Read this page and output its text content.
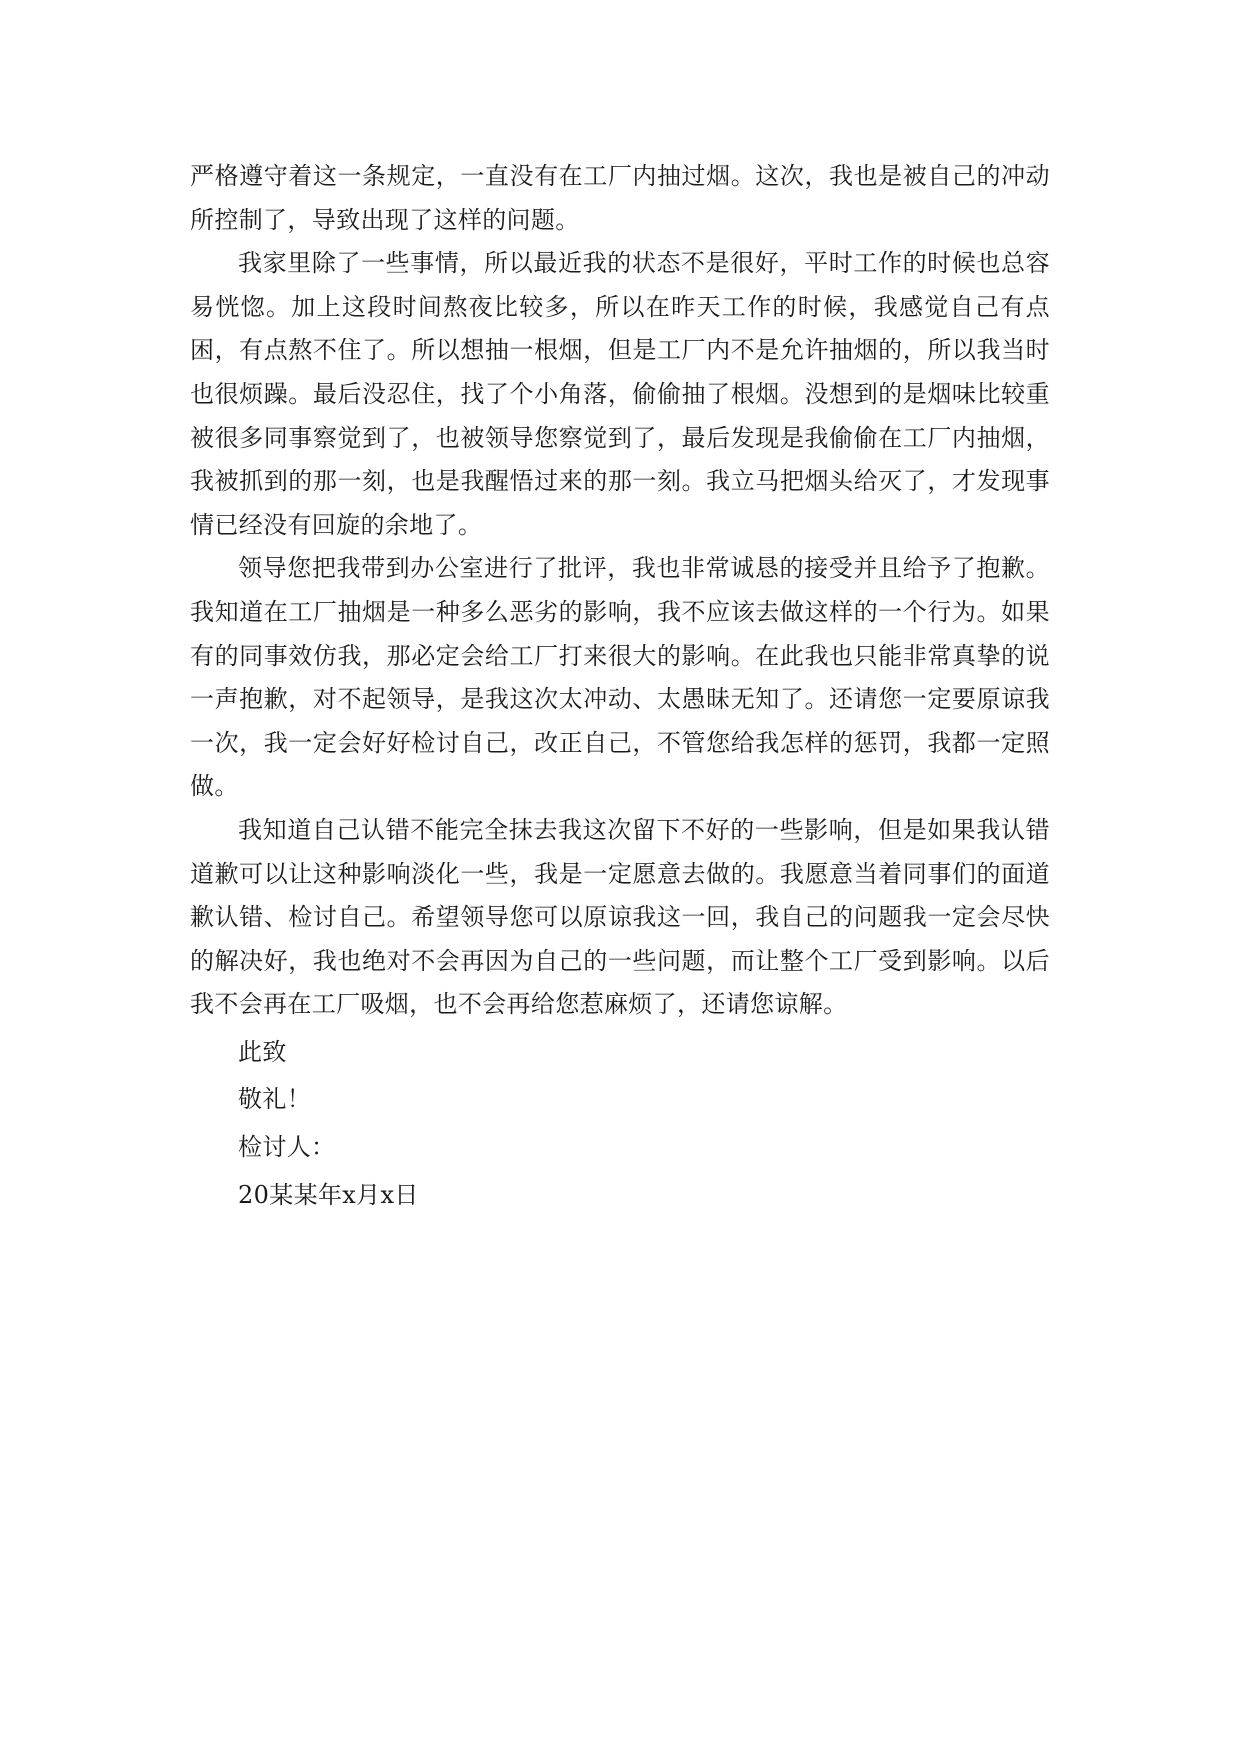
严格遵守着这一条规定，一直没有在工厂内抽过烟。这次，我也是被自己的冲动所控制了，导致出现了这样的问题。

我家里除了一些事情，所以最近我的状态不是很好，平时工作的时候也总容易恍惚。加上这段时间熬夜比较多，所以在昨天工作的时候，我感觉自己有点困，有点熬不住了。所以想抽一根烟，但是工厂内不是允许抽烟的，所以我当时也很烦躁。最后没忍住，找了个小角落，偷偷抽了根烟。没想到的是烟味比较重被很多同事察觉到了，也被领导您察觉到了，最后发现是我偷偷在工厂内抽烟，我被抓到的那一刻，也是我醒悟过来的那一刻。我立马把烟头给灭了，才发现事情已经没有回旋的余地了。

领导您把我带到办公室进行了批评，我也非常诚恳的接受并且给予了抱歉。我知道在工厂抽烟是一种多么恶劣的影响，我不应该去做这样的一个行为。如果有的同事效仿我，那必定会给工厂打来很大的影响。在此我也只能非常真挚的说一声抱歉，对不起领导，是我这次太冲动、太愚昧无知了。还请您一定要原谅我一次，我一定会好好检讨自己，改正自己，不管您给我怎样的惩罚，我都一定照做。

我知道自己认错不能完全抹去我这次留下不好的一些影响，但是如果我认错道歉可以让这种影响淡化一些，我是一定愿意去做的。我愿意当着同事们的面道歉认错、检讨自己。希望领导您可以原谅我这一回，我自己的问题我一定会尽快的解决好，我也绝对不会再因为自己的一些问题，而让整个工厂受到影响。以后我不会再在工厂吸烟，也不会再给您惹麻烦了，还请您谅解。

此致
敬礼！
检讨人：
20某某年x月x日
